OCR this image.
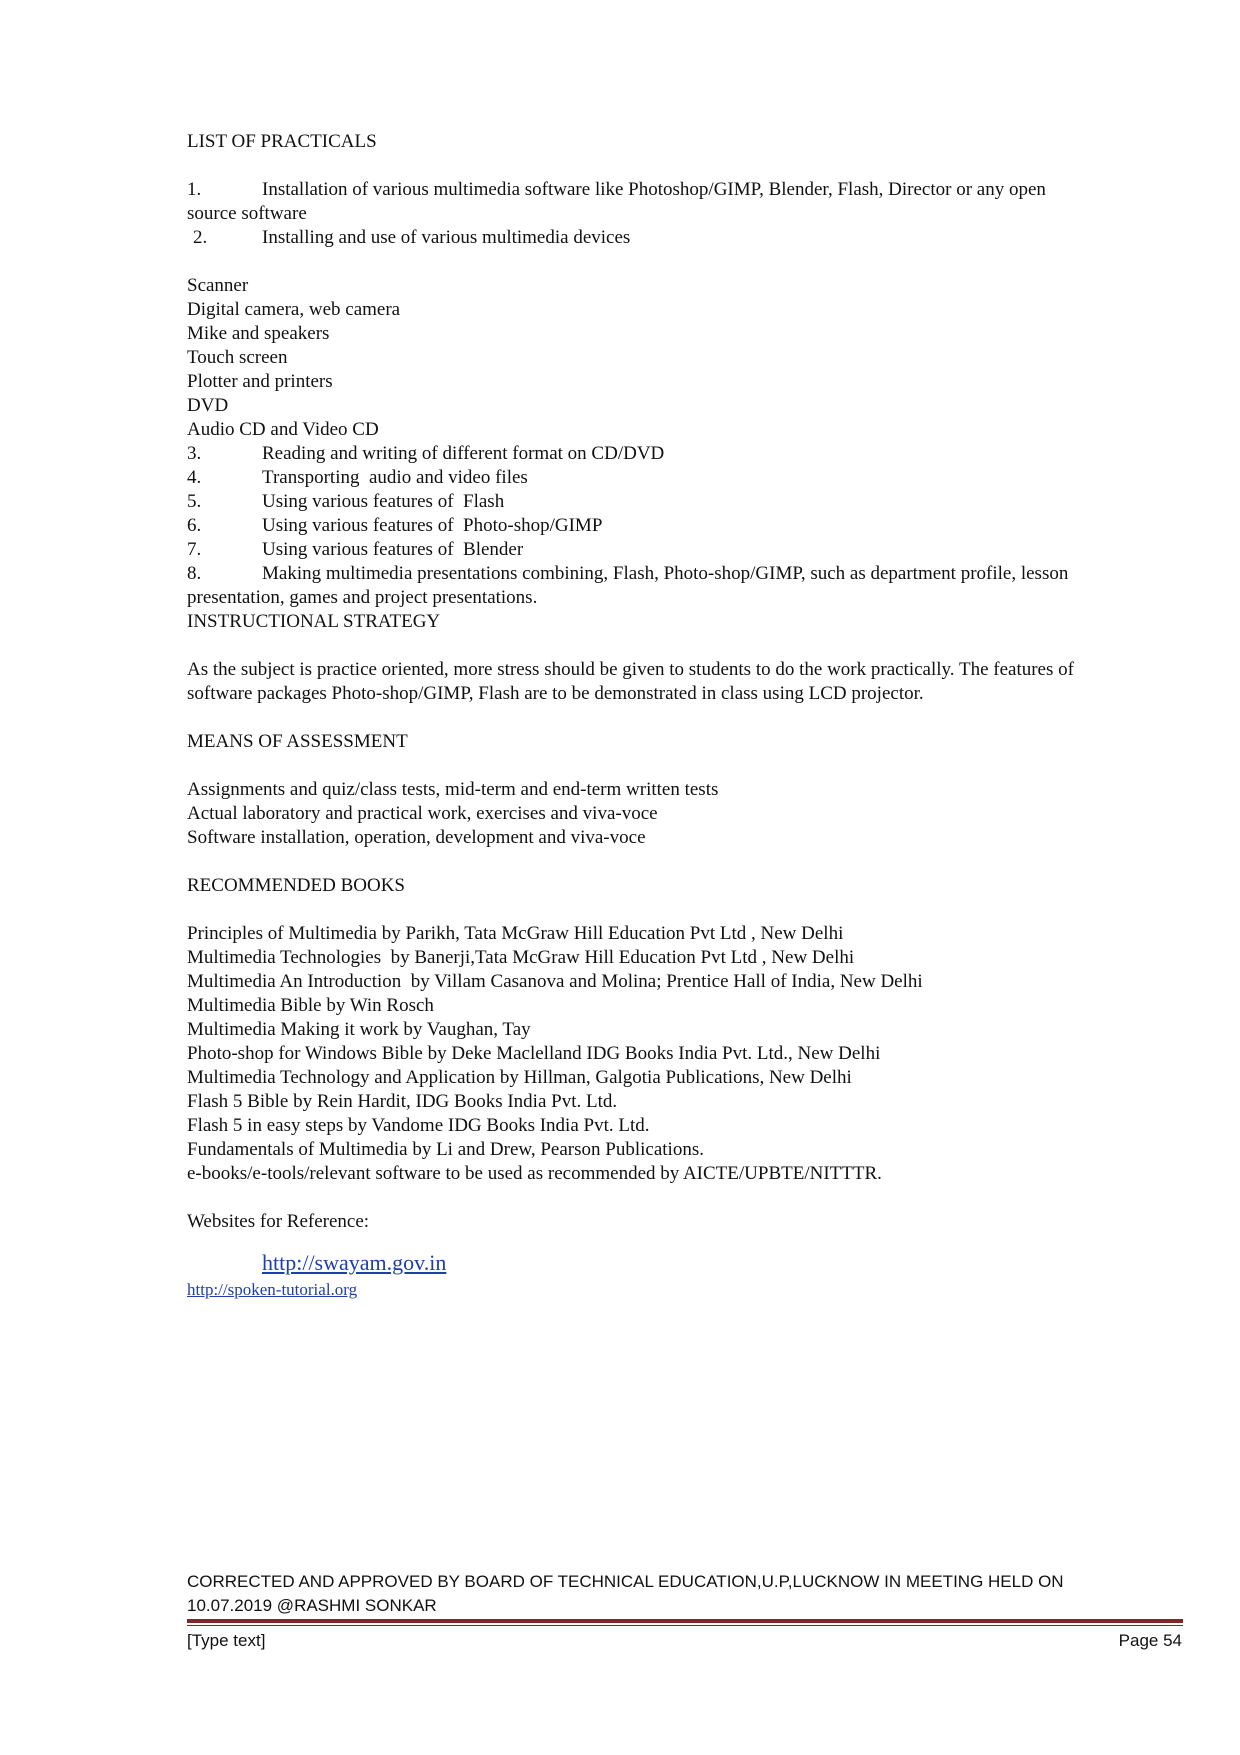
LIST OF PRACTICALS

1.	Installation of various multimedia software like Photoshop/GIMP, Blender, Flash, Director or any open

source software

2.	Installing and use of various multimedia devices

Scanner

Digital camera, web camera

Mike and speakers

Touch screen

Plotter and printers

DVD

Audio CD and Video CD

3.	Reading and writing of different format on CD/DVD

4.	Transporting  audio and video files

5.	Using various features of  Flash

6.	Using various features of  Photo-shop/GIMP

7.	Using various features of  Blender

8.	Making multimedia presentations combining, Flash, Photo-shop/GIMP, such as department profile, lesson

presentation, games and project presentations.

INSTRUCTIONAL STRATEGY

As the subject is practice oriented, more stress should be given to students to do the work practically. The features of

software packages Photo-shop/GIMP, Flash are to be demonstrated in class using LCD projector.

MEANS OF ASSESSMENT

Assignments and quiz/class tests, mid-term and end-term written tests

Actual laboratory and practical work, exercises and viva-voce

Software installation, operation, development and viva-voce

RECOMMENDED BOOKS

Principles of Multimedia by Parikh, Tata McGraw Hill Education Pvt Ltd , New Delhi

Multimedia Technologies  by Banerji,Tata McGraw Hill Education Pvt Ltd , New Delhi

Multimedia An Introduction  by Villam Casanova and Molina; Prentice Hall of India, New Delhi

Multimedia Bible by Win Rosch

Multimedia Making it work by Vaughan, Tay

Photo-shop for Windows Bible by Deke Maclelland IDG Books India Pvt. Ltd., New Delhi

Multimedia Technology and Application by Hillman, Galgotia Publications, New Delhi

Flash 5 Bible by Rein Hardit, IDG Books India Pvt. Ltd.

Flash 5 in easy steps by Vandome IDG Books India Pvt. Ltd.

Fundamentals of Multimedia by Li and Drew, Pearson Publications.

e-books/e-tools/relevant software to be used as recommended by AICTE/UPBTE/NITTTR.

Websites for Reference:

http://swayam.gov.in

http://spoken-tutorial.org

CORRECTED AND APPROVED BY BOARD OF TECHNICAL EDUCATION,U.P,LUCKNOW IN MEETING HELD ON
10.07.2019 @RASHMI SONKAR
[Type text]	Page 54
